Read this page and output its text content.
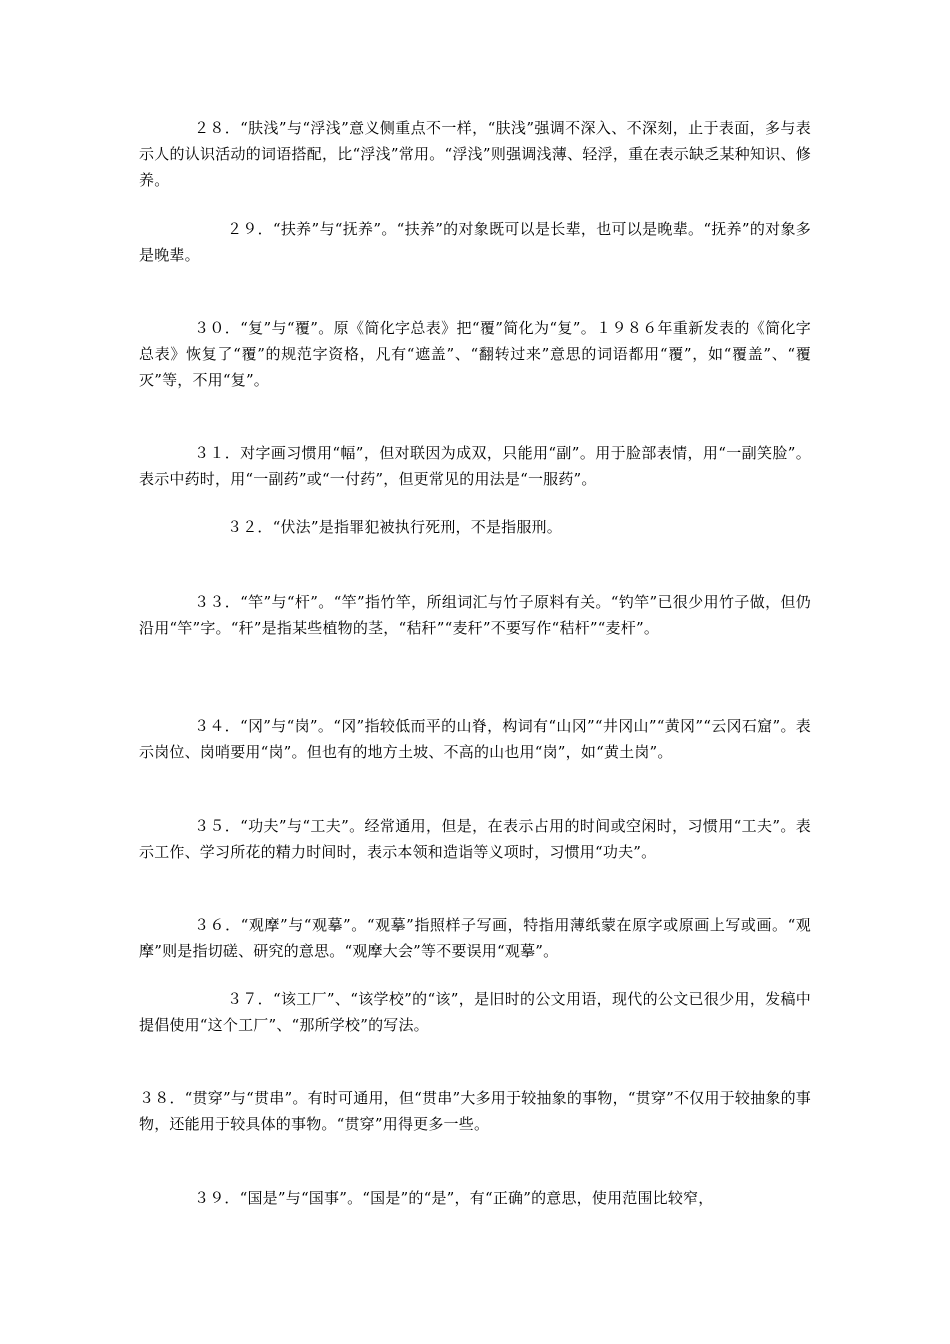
２８．“肤浅”与“浮浅”意义侧重点不一样，“肤浅”强调不深入、不深刻，止于表面，多与表示人的认识活动的词语搭配，比“浮浅”常用。“浮浅”则强调浅薄、轻浮，重在表示缺乏某种知识、修养。

２９．“扶养”与“抚养”。“扶养”的对象既可以是长辈，也可以是晚辈。“抚养”的对象多是晚辈。

３０．“复”与“覆”。原《简化字总表》把“覆”简化为“复”。１９８６年重新发表的《简化字总表》恢复了“覆”的规范字资格，凡有“遮盖”、“翻转过来”意思的词语都用“覆”，如“覆盖”、“覆灭”等，不用“复”。

３１．对字画习惯用“幅”，但对联因为成双，只能用“副”。用于脸部表情，用“一副笑脸”。表示中药时，用“一副药”或“一付药”，但更常见的用法是“一服药”。

３２．“伏法”是指罪犯被执行死刑，不是指服刑。

３３．“竿”与“杆”。“竿”指竹竿，所组词汇与竹子原料有关。“钓竿”已很少用竹子做，但仍沿用“竿”字。“秆”是指某些植物的茎，“秸秆”“麦秆”不要写作“秸杆”“麦杆”。

３４．“冈”与“岗”。“冈”指较低而平的山脊，构词有“山冈”“井冈山”“黄冈”“云冈石窟”。表示岗位、岗哨要用“岗”。但也有的地方土坡、不高的山也用“岗”，如“黄土岗”。

３５．“功夫”与“工夫”。经常通用，但是，在表示占用的时间或空闲时，习惯用“工夫”。表示工作、学习所花的精力时间时，表示本领和造诣等义项时，习惯用“功夫”。

３６．“观摩”与“观摹”。“观摹”指照样子写画，特指用薄纸蒙在原字或原画上写或画。“观摩”则是指切磋、研究的意思。“观摩大会”等不要误用“观摹”。

３７．“该工厂”、“该学校”的“该”，是旧时的公文用语，现代的公文已很少用，发稿中提倡使用“这个工厂”、“那所学校”的写法。

３８．“贯穿”与“贯串”。有时可通用，但“贯串”大多用于较抽象的事物，“贯穿”不仅用于较抽象的事物，还能用于较具体的事物。“贯穿”用得更多一些。

３９．“国是”与“国事”。“国是”的“是”，有“正确”的意思，使用范围比较窄，
